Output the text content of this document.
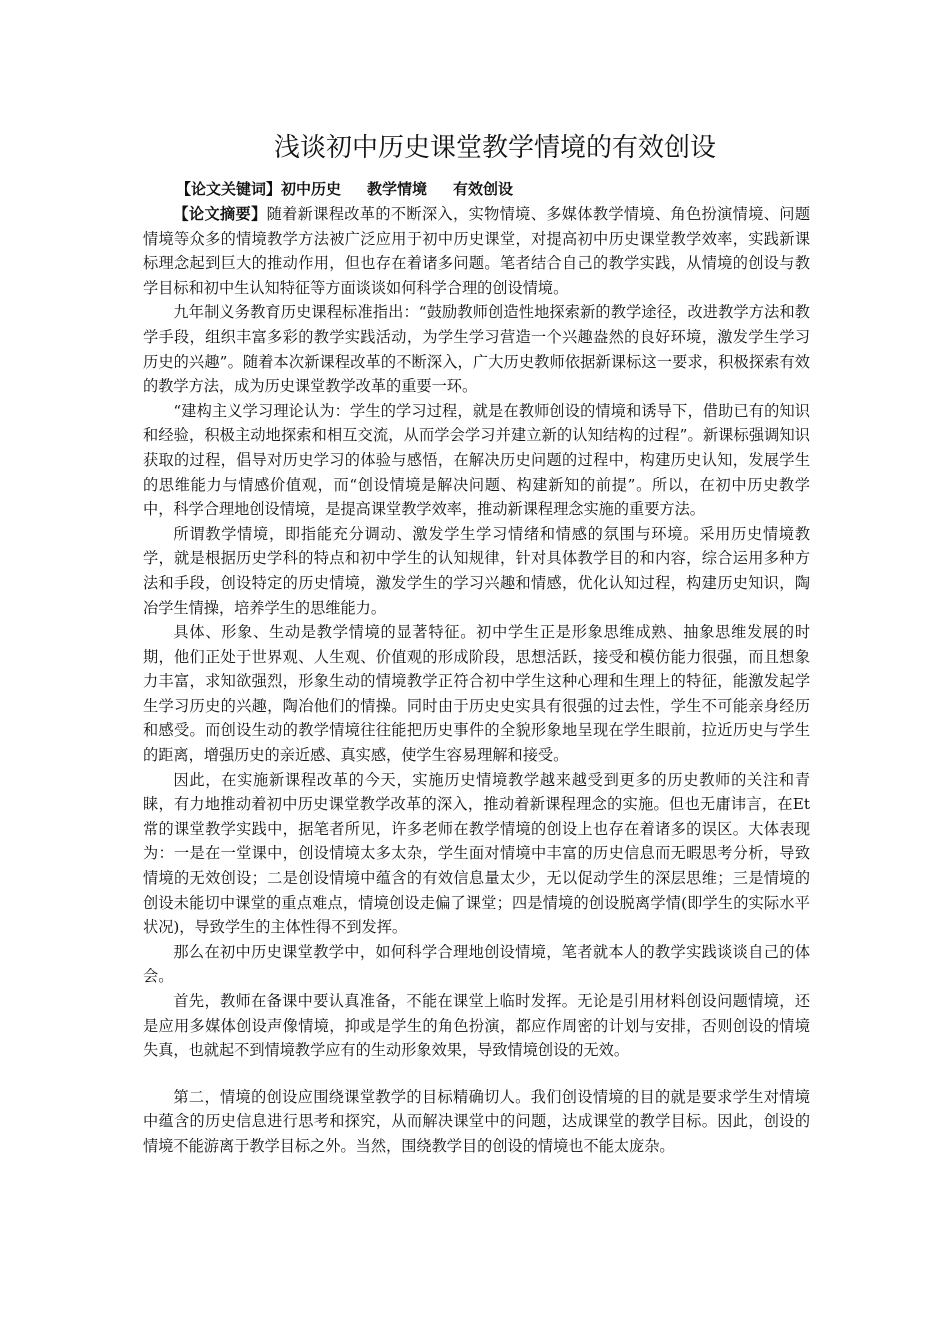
浅谈初中历史课堂教学情境的有效创设
【论文关键词】初中历史 教学情境 有效创设

【论文摘要】随着新课程改革的不断深入，实物情境、多媒体教学情境、角色扮演情境、问题情境等众多的情境教学方法被广泛应用于初中历史课堂，对提高初中历史课堂教学效率，实践新课标理念起到巨大的推动作用，但也存在着诸多问题。笔者结合自己的教学实践，从情境的创设与教学目标和初中生认知特征等方面谈谈如何科学合理的创设情境。

九年制义务教育历史课程标准指出：“鼓励教师创造性地探索新的教学途径，改进教学方法和教学手段，组织丰富多彩的教学实践活动，为学生学习营造一个兴趣盎然的良好环境，激发学生学习历史的兴趣”。随着本次新课程改革的不断深入，广大历史教师依据新课标这一要求，积极探索有效的教学方法，成为历史课堂教学改革的重要一环。

“建构主义学习理论认为：学生的学习过程，就是在教师创设的情境和诱导下，借助已有的知识和经验，积极主动地探索和相互交流，从而学会学习并建立新的认知结构的过程”。新课标强调知识获取的过程，倡导对历史学习的体验与感悟，在解决历史问题的过程中，构建历史认知，发展学生的思维能力与情感价值观，而“创设情境是解决问题、构建新知的前提”。所以，在初中历史教学中，科学合理地创设情境，是提高课堂教学效率，推动新课程理念实施的重要方法。

所谓教学情境，即指能充分调动、激发学生学习情绪和情感的氛围与环境。采用历史情境教学，就是根据历史学科的特点和初中学生的认知规律，针对具体教学目的和内容，综合运用多种方法和手段，创设特定的历史情境，激发学生的学习兴趣和情感，优化认知过程，构建历史知识，陶冶学生情操，培养学生的思维能力。

具体、形象、生动是教学情境的显著特征。初中学生正是形象思维成熟、抽象思维发展的时期，他们正处于世界观、人生观、价值观的形成阶段，思想活跃，接受和模仿能力很强，而且想象力丰富，求知欲强烈，形象生动的情境教学正符合初中学生这种心理和生理上的特征，能激发起学生学习历史的兴趣，陶冶他们的情操。同时由于历史史实具有很强的过去性，学生不可能亲身经历和感受。而创设生动的教学情境往往能把历史事件的全貌形象地呈现在学生眼前，拉近历史与学生的距离，增强历史的亲近感、真实感，使学生容易理解和接受。

因此，在实施新课程改革的今天，实施历史情境教学越来越受到更多的历史教师的关注和青睐，有力地推动着初中历史课堂教学改革的深入，推动着新课程理念的实施。但也无庸讳言，在Et常的课堂教学实践中，据笔者所见，许多老师在教学情境的创设上也存在着诸多的误区。大体表现为：一是在一堂课中，创设情境太多太杂，学生面对情境中丰富的历史信息而无暇思考分析，导致情境的无效创设；二是创设情境中蕴含的有效信息量太少，无以促动学生的深层思维；三是情境的创设未能切中课堂的重点难点，情境创设走偏了课堂；四是情境的创设脱离学情(即学生的实际水平状况)，导致学生的主体性得不到发挥。

那么在初中历史课堂教学中，如何科学合理地创设情境，笔者就本人的教学实践谈谈自己的体会。

首先，教师在备课中要认真准备，不能在课堂上临时发挥。无论是引用材料创设问题情境，还是应用多媒体创设声像情境，抑或是学生的角色扮演，都应作周密的计划与安排，否则创设的情境失真，也就起不到情境教学应有的生动形象效果，导致情境创设的无效。

第二，情境的创设应围绕课堂教学的目标精确切人。我们创设情境的目的就是要求学生对情境中蕴含的历史信息进行思考和探究，从而解决课堂中的问题，达成课堂的教学目标。因此，创设的情境不能游离于教学目标之外。当然，围绕教学目的创设的情境也不能太庞杂。
